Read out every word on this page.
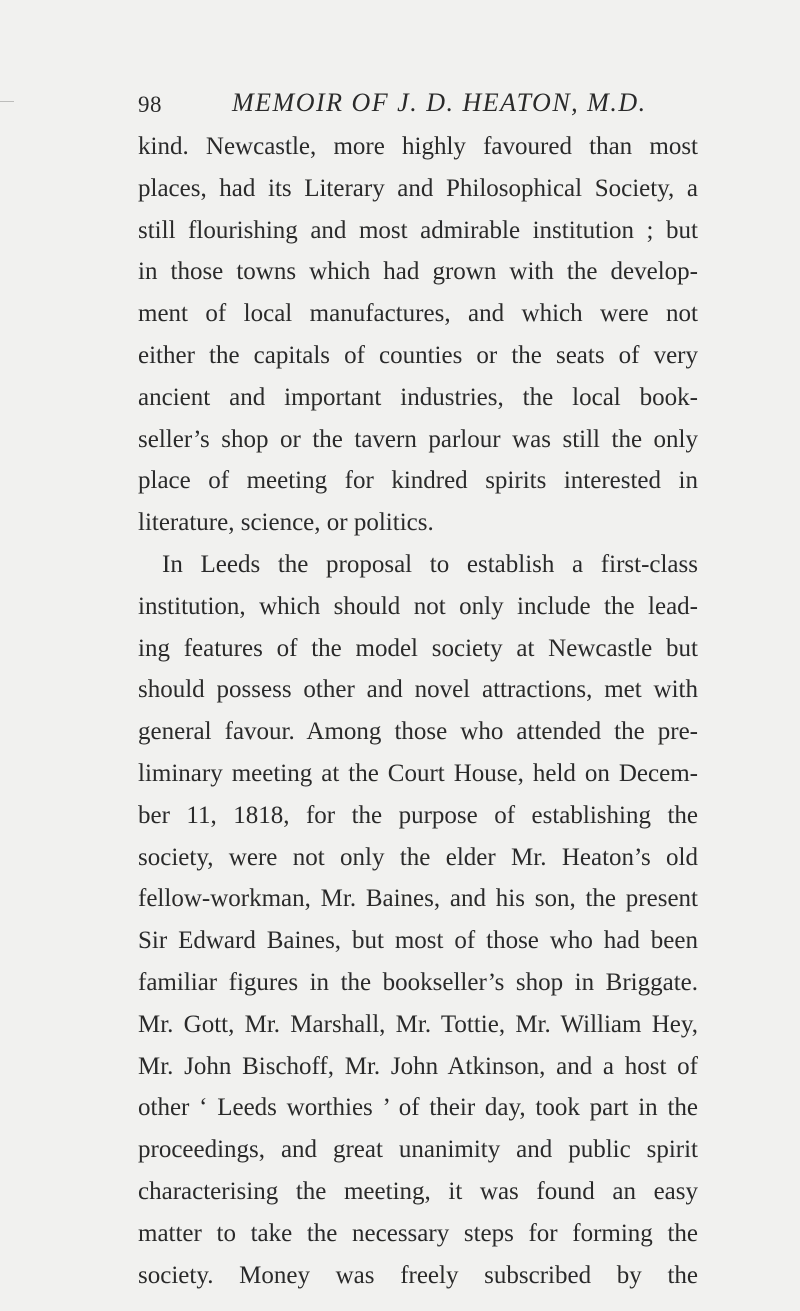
98	MEMOIR OF J. D. HEATON, M.D.
kind. Newcastle, more highly favoured than most
places, had its Literary and Philosophical Society, a
still flourishing and most admirable institution ; but
in those towns which had grown with the develop-
ment of local manufactures, and which were not
either the capitals of counties or the seats of very
ancient and important industries, the local book-
seller’s shop or the tavern parlour was still the only
place of meeting for kindred spirits interested in
literature, science, or politics.
In Leeds the proposal to establish a first-class
institution, which should not only include the lead-
ing features of the model society at Newcastle but
should possess other and novel attractions, met with
general favour. Among those who attended the pre-
liminary meeting at the Court House, held on Decem-
ber 11, 1818, for the purpose of establishing the
society, were not only the elder Mr. Heaton’s old
fellow-workman, Mr. Baines, and his son, the present
Sir Edward Baines, but most of those who had been
familiar figures in the bookseller’s shop in Briggate.
Mr. Gott, Mr. Marshall, Mr. Tottie, Mr. William Hey,
Mr. John Bischoff, Mr. John Atkinson, and a host of
other ‘ Leeds worthies ’ of their day, took part in the
proceedings, and great unanimity and public spirit
characterising the meeting, it was found an easy
matter to take the necessary steps for forming the
society. Money was freely subscribed by the
